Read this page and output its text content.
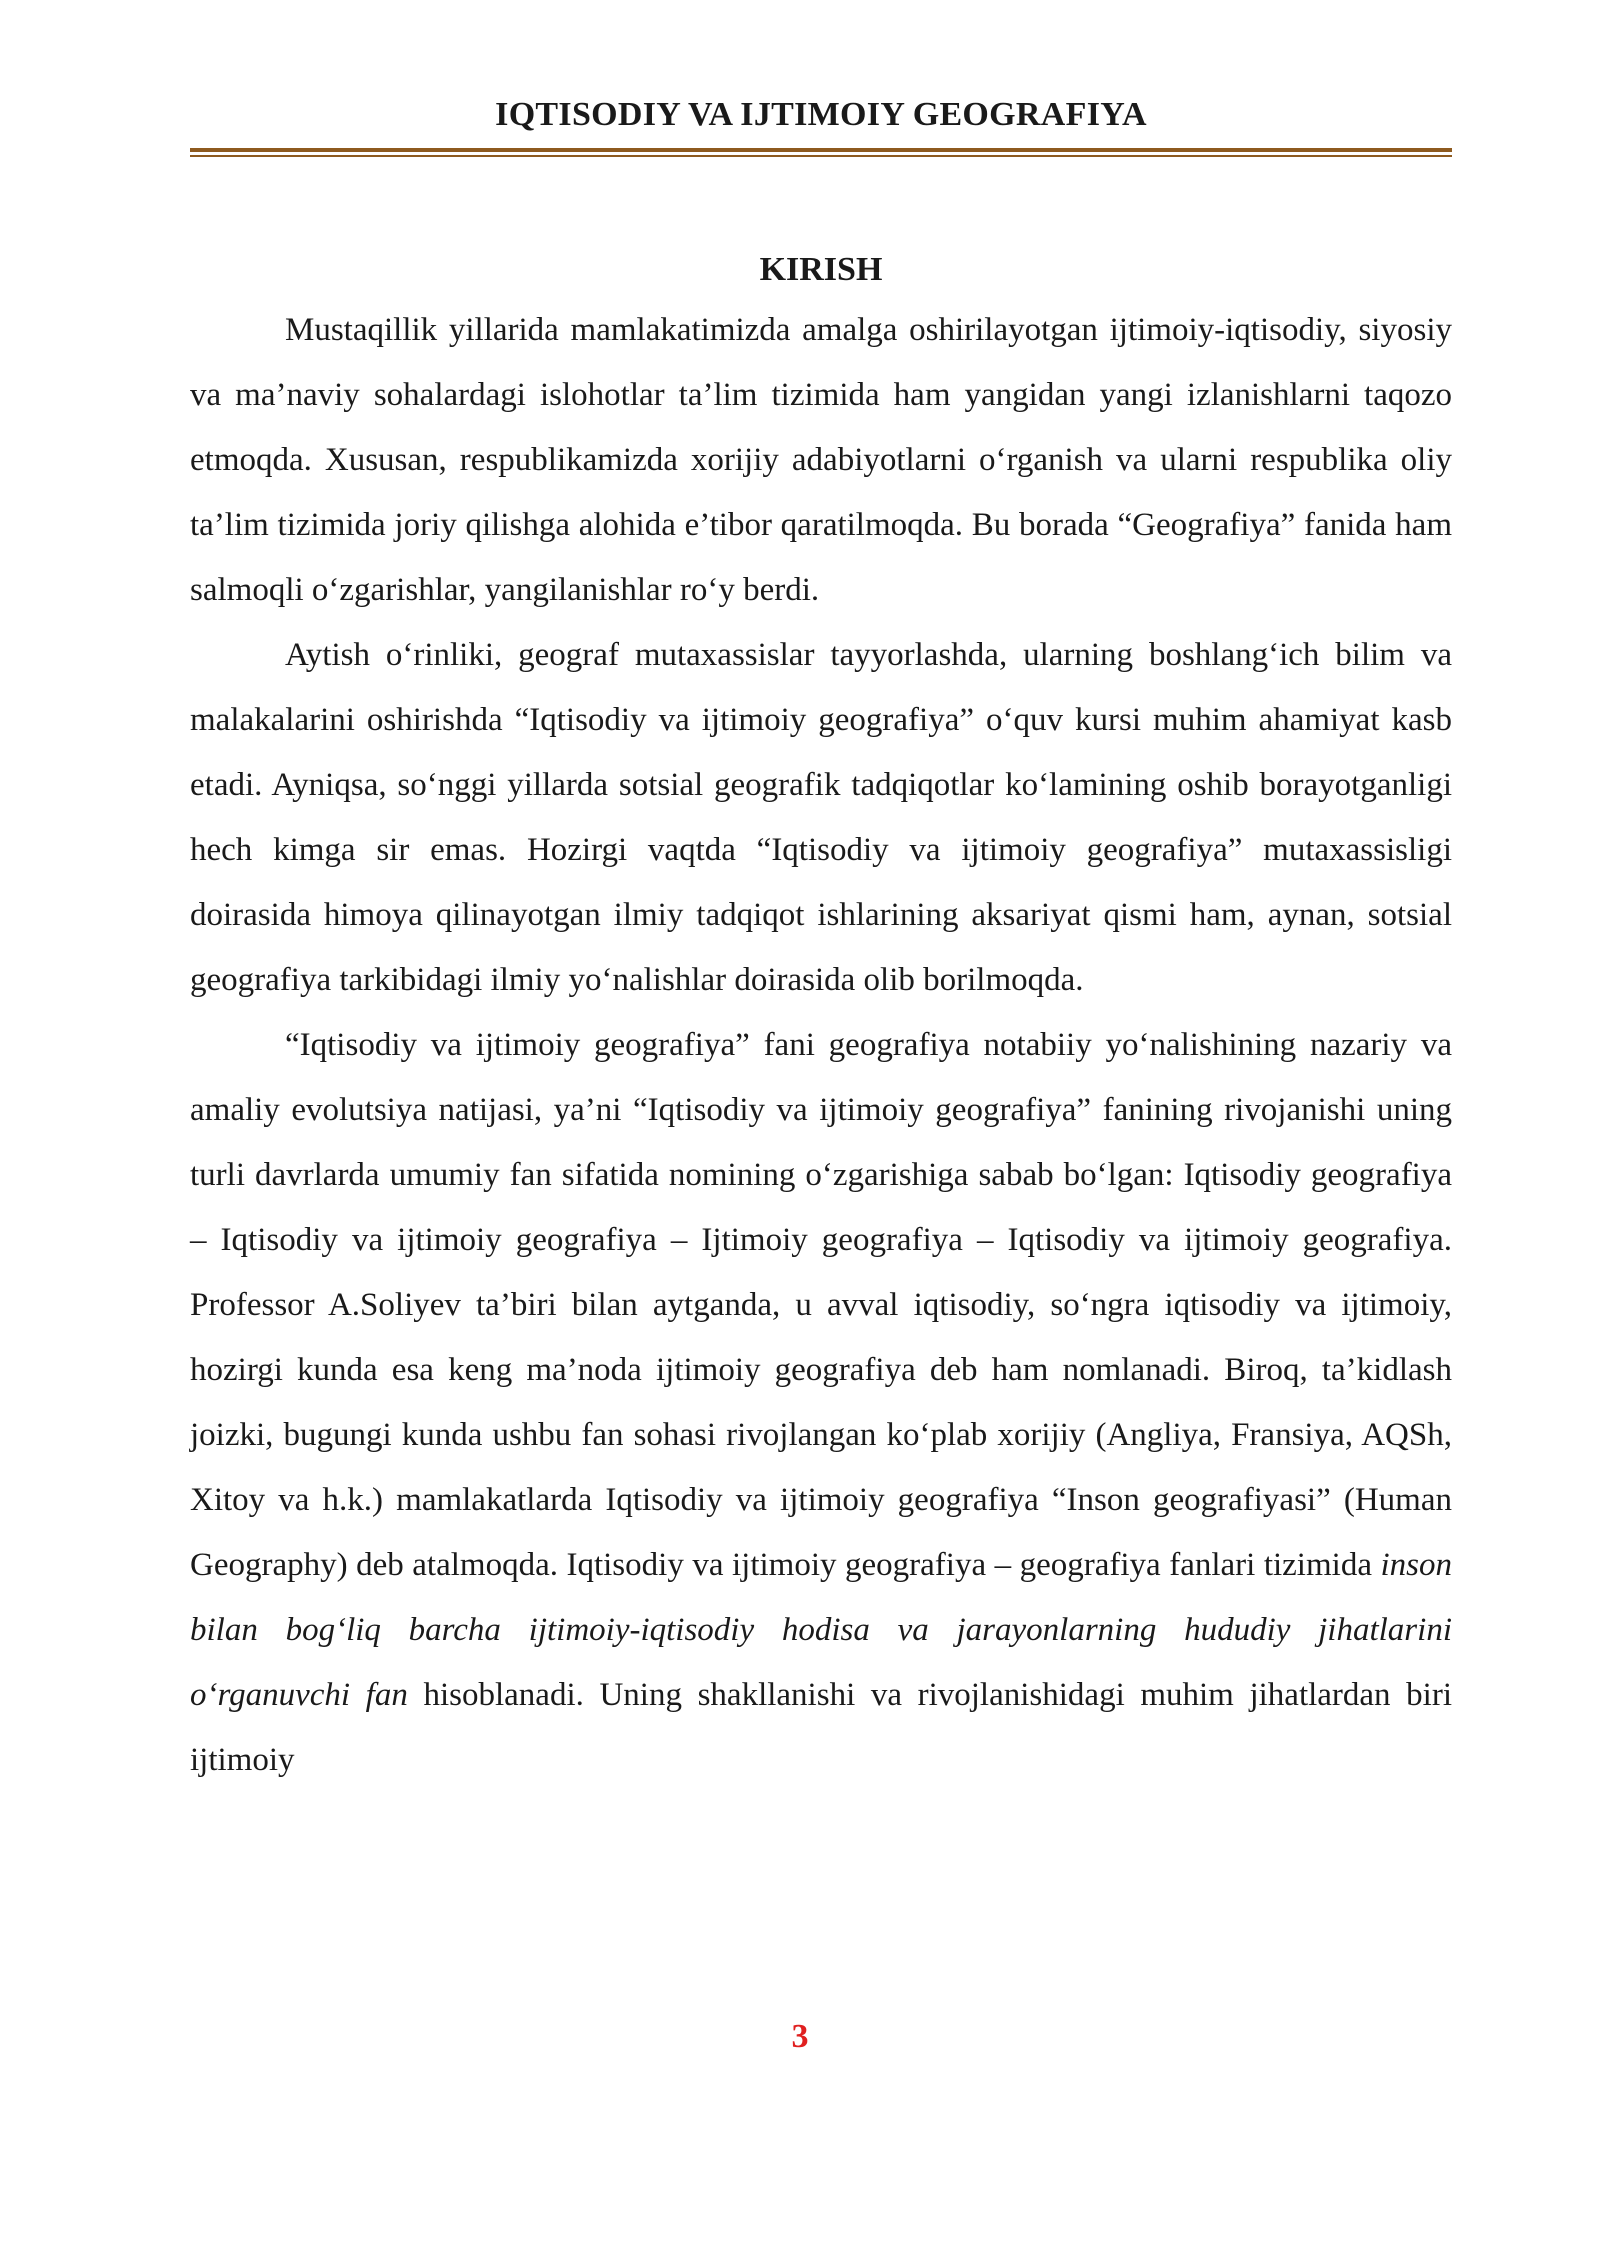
IQTISODIY VA IJTIMOIY GEOGRAFIYA
KIRISH

Mustaqillik yillarida mamlakatimizda amalga oshirilayotgan ijtimoiy-iqtisodiy, siyosiy va ma’naviy sohalardagi islohotlar ta’lim tizimida ham yangidan yangi izlanishlarni taqozo etmoqda. Xususan, respublikamizda xorijiy adabiyotlarni o‘rganish va ularni respublika oliy ta’lim tizimida joriy qilishga alohida e’tibor qaratilmoqda. Bu borada “Geografiya” fanida ham salmoqli o‘zgarishlar, yangilanishlar ro‘y berdi.

Aytish o‘rinliki, geograf mutaxassislar tayyorlashda, ularning boshlang‘ich bilim va malakalarini oshirishda “Iqtisodiy va ijtimoiy geografiya” o‘quv kursi muhim ahamiyat kasb etadi. Ayniqsa, so‘nggi yillarda sotsial geografik tadqiqotlar ko‘lamining oshib borayotganligi hech kimga sir emas. Hozirgi vaqtda “Iqtisodiy va ijtimoiy geografiya” mutaxassisligi doirasida himoya qilinayotgan ilmiy tadqiqot ishlarining aksariyat qismi ham, aynan, sotsial geografiya tarkibidagi ilmiy yo‘nalishlar doirasida olib borilmoqda.

“Iqtisodiy va ijtimoiy geografiya” fani geografiya notabiiy yo‘nalishining nazariy va amaliy evolutsiya natijasi, ya’ni “Iqtisodiy va ijtimoiy geografiya” fanining rivojanishi uning turli davrlarda umumiy fan sifatida nomining o‘zgarishiga sabab bo‘lgan: Iqtisodiy geografiya – Iqtisodiy va ijtimoiy geografiya – Ijtimoiy geografiya – Iqtisodiy va ijtimoiy geografiya. Professor A.Soliyev ta’biri bilan aytganda, u avval iqtisodiy, so‘ngra iqtisodiy va ijtimoiy, hozirgi kunda esa keng ma’noda ijtimoiy geografiya deb ham nomlanadi. Biroq, ta’kidlash joizki, bugungi kunda ushbu fan sohasi rivojlangan ko‘plab xorijiy (Angliya, Fransiya, AQSh, Xitoy va h.k.) mamlakatlarda Iqtisodiy va ijtimoiy geografiya “Inson geografiyasi” (Human Geography) deb atalmoqda. Iqtisodiy va ijtimoiy geografiya – geografiya fanlari tizimida inson bilan bog‘liq barcha ijtimoiy-iqtisodiy hodisa va jarayonlarning hududiy jihatlarini o‘rganuvchi fan hisoblanadi. Uning shakllanishi va rivojlanishidagi muhim jihatlardan biri ijtimoiy

3
